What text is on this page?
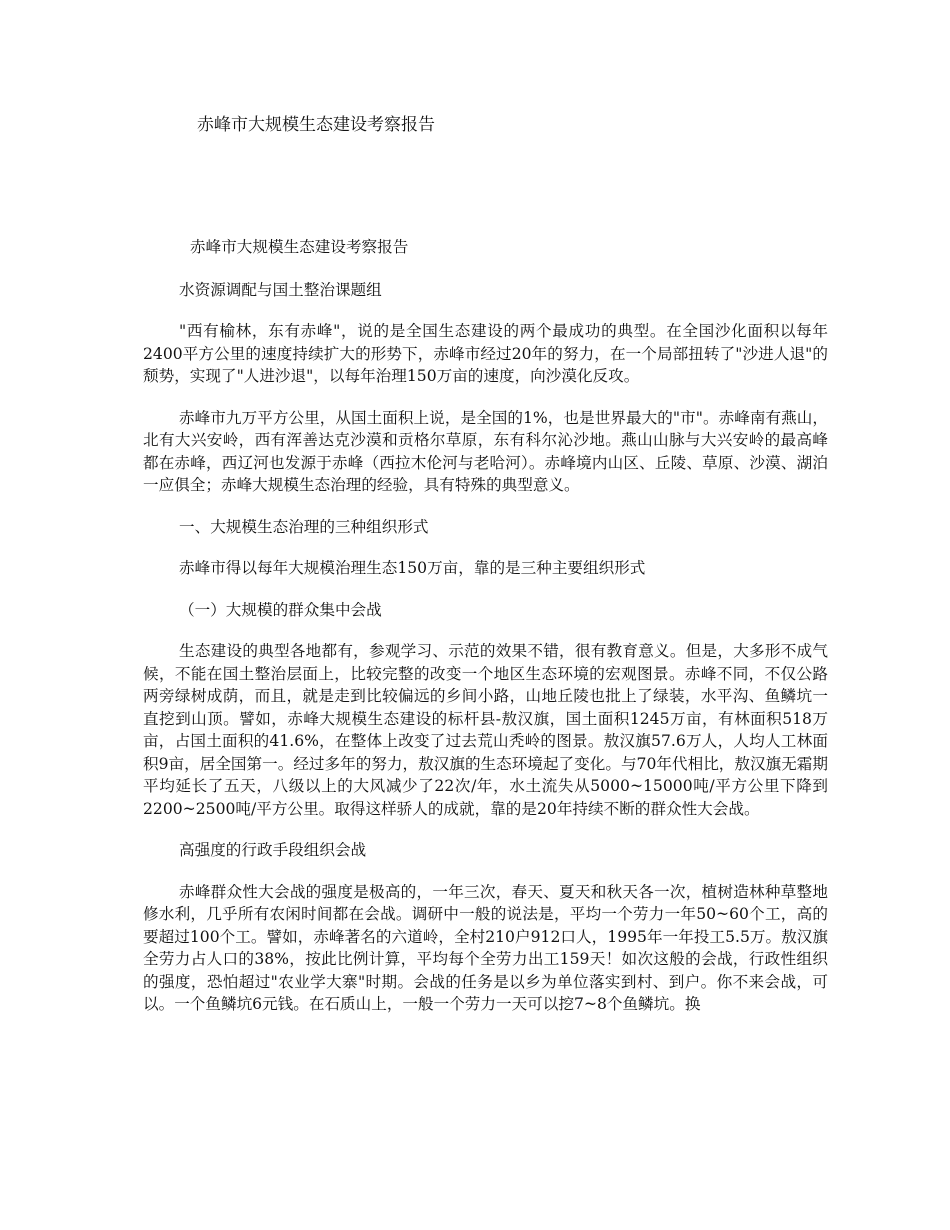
赤峰市大规模生态建设考察报告

赤峰市大规模生态建设考察报告

水资源调配与国土整治课题组

"西有榆林，东有赤峰"，说的是全国生态建设的两个最成功的典型。在全国沙化面积以每年2400平方公里的速度持续扩大的形势下，赤峰市经过20年的努力，在一个局部扭转了"沙进人退"的颓势，实现了"人进沙退"，以每年治理150万亩的速度，向沙漠化反攻。

赤峰市九万平方公里，从国土面积上说，是全国的1%，也是世界最大的"市"。赤峰南有燕山，北有大兴安岭，西有浑善达克沙漠和贡格尔草原，东有科尔沁沙地。燕山山脉与大兴安岭的最高峰都在赤峰，西辽河也发源于赤峰（西拉木伦河与老哈河）。赤峰境内山区、丘陵、草原、沙漠、湖泊一应俱全；赤峰大规模生态治理的经验，具有特殊的典型意义。

一、大规模生态治理的三种组织形式

赤峰市得以每年大规模治理生态150万亩，靠的是三种主要组织形式

（一）大规模的群众集中会战

生态建设的典型各地都有，参观学习、示范的效果不错，很有教育意义。但是，大多形不成气候，不能在国土整治层面上，比较完整的改变一个地区生态环境的宏观图景。赤峰不同，不仅公路两旁绿树成荫，而且，就是走到比较偏远的乡间小路，山地丘陵也批上了绿装，水平沟、鱼鳞坑一直挖到山顶。譬如，赤峰大规模生态建设的标杆县-敖汉旗，国土面积1245万亩，有林面积518万亩，占国土面积的41.6%，在整体上改变了过去荒山秃岭的图景。敖汉旗57.6万人，人均人工林面积9亩，居全国第一。经过多年的努力，敖汉旗的生态环境起了变化。与70年代相比，敖汉旗无霜期平均延长了五天，八级以上的大风减少了22次/年，水土流失从5000~15000吨/平方公里下降到2200~2500吨/平方公里。取得这样骄人的成就，靠的是20年持续不断的群众性大会战。

高强度的行政手段组织会战

赤峰群众性大会战的强度是极高的，一年三次，春天、夏天和秋天各一次，植树造林种草整地修水利，几乎所有农闲时间都在会战。调研中一般的说法是，平均一个劳力一年50~60个工，高的要超过100个工。譬如，赤峰著名的六道岭，全村210户912口人，1995年一年投工5.5万。敖汉旗全劳力占人口的38%，按此比例计算，平均每个全劳力出工159天！如次这般的会战，行政性组织的强度，恐怕超过"农业学大寨"时期。会战的任务是以乡为单位落实到村、到户。你不来会战，可以。一个鱼鳞坑6元钱。在石质山上，一般一个劳力一天可以挖7~8个鱼鳞坑。换
